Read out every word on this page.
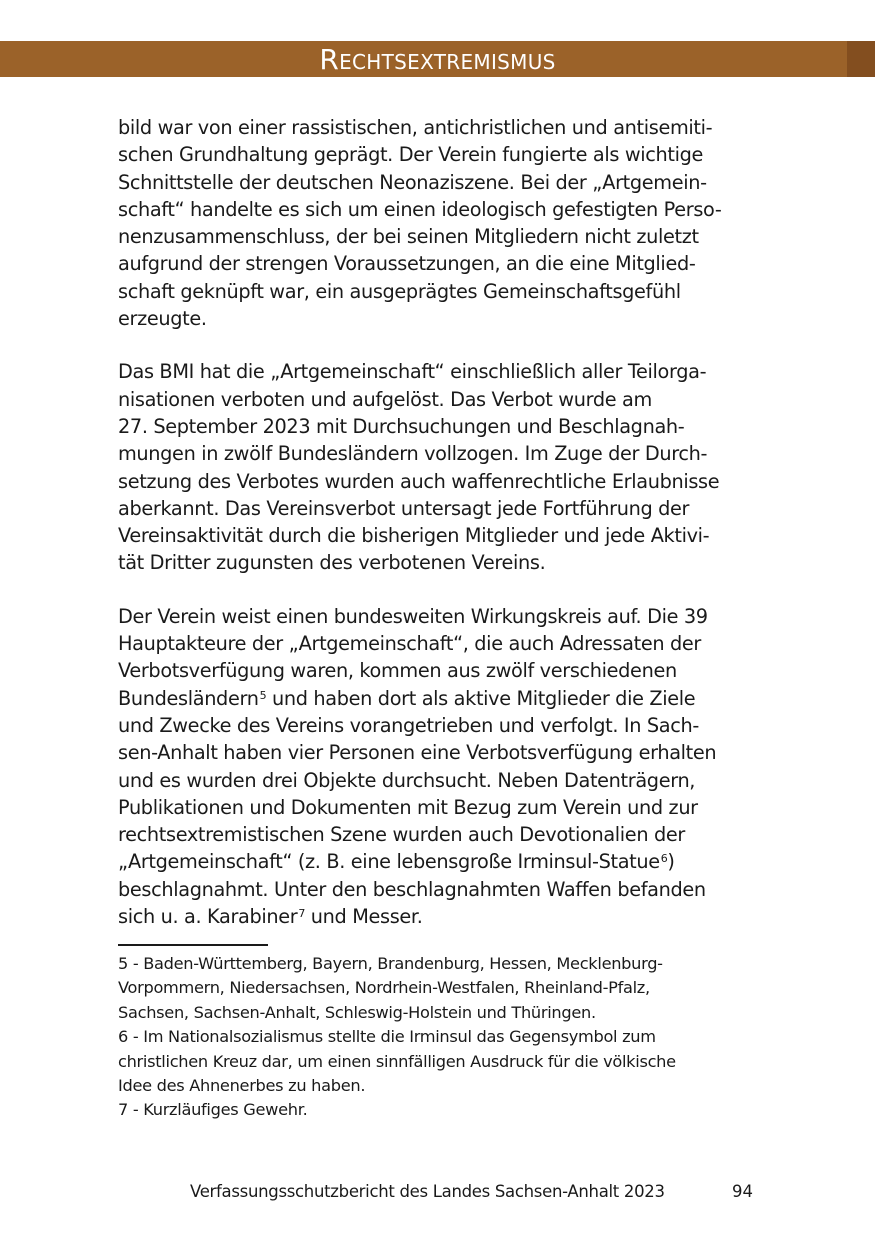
Rechtsextremismus
bild war von einer rassistischen, antichristlichen und antisemiti-
schen Grundhaltung geprägt. Der Verein fungierte als wichtige
Schnittstelle der deutschen Neonaziszene. Bei der „Artgemein-
schaft“ handelte es sich um einen ideologisch gefestigten Perso-
nenzusammenschluss, der bei seinen Mitgliedern nicht zuletzt
aufgrund der strengen Voraussetzungen, an die eine Mitglied-
schaft geknüpft war, ein ausgeprägtes Gemeinschaftsgefühl
erzeugte.
Das BMI hat die „Artgemeinschaft“ einschließlich aller Teilorga-
nisationen verboten und aufgelöst. Das Verbot wurde am
27. September 2023 mit Durchsuchungen und Beschlagnah-
mungen in zwölf Bundesländern vollzogen. Im Zuge der Durch-
setzung des Verbotes wurden auch waffenrechtliche Erlaubnisse
aberkannt. Das Vereinsverbot untersagt jede Fortführung der
Vereinsaktivität durch die bisherigen Mitglieder und jede Aktivi-
tät Dritter zugunsten des verbotenen Vereins.
Der Verein weist einen bundesweiten Wirkungskreis auf. Die 39
Hauptakteure der „Artgemeinschaft“, die auch Adressaten der
Verbotsverfügung waren, kommen aus zwölf verschiedenen
Bundesländern$^5$ und haben dort als aktive Mitglieder die Ziele
und Zwecke des Vereins vorangetrieben und verfolgt. In Sach-
sen-Anhalt haben vier Personen eine Verbotsverfügung erhalten
und es wurden drei Objekte durchsucht. Neben Datenträgern,
Publikationen und Dokumenten mit Bezug zum Verein und zur
rechtsextremistischen Szene wurden auch Devotionalien der
„Artgemeinschaft“ (z. B. eine lebensgroße Irminsul-Statue$^6$)
beschlagnahmt. Unter den beschlagnahmten Waffen befanden
sich u. a. Karabiner$^7$ und Messer.
5 - Baden-Württemberg, Bayern, Brandenburg, Hessen, Mecklenburg-
Vorpommern, Niedersachsen, Nordrhein-Westfalen, Rheinland-Pfalz,
Sachsen, Sachsen-Anhalt, Schleswig-Holstein und Thüringen.
6 - Im Nationalsozialismus stellte die Irminsul das Gegensymbol zum
christlichen Kreuz dar, um einen sinnfälligen Ausdruck für die völkische
Idee des Ahnenerbes zu haben.
7 - Kurzläufiges Gewehr.
Verfassungsschutzbericht des Landes Sachsen-Anhalt 2023	94
